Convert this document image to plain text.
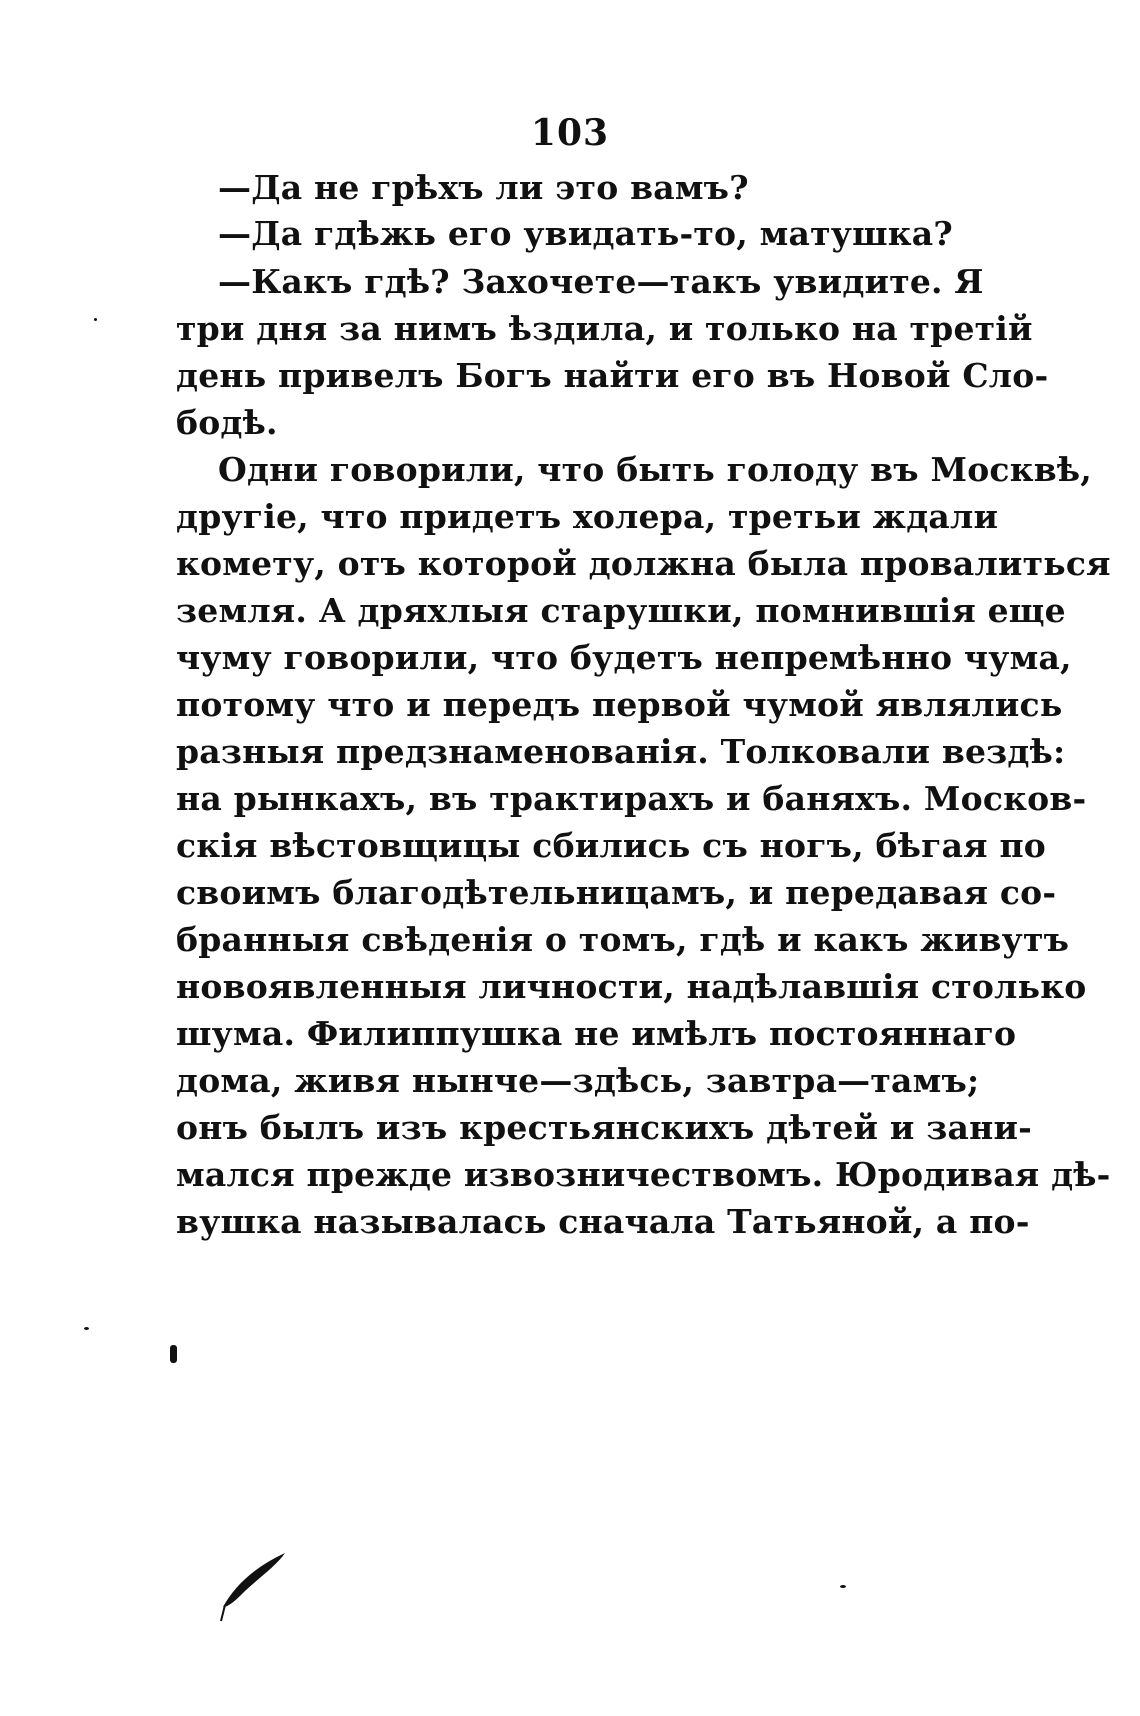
103
—Да не грѣхъ ли это вамъ?
—Да гдѣжь его увидать-то, матушка?
—Какъ гдѣ? Захочете—такъ увидите. Я
три дня за нимъ ѣздила, и только на третій
день привелъ Богъ найти его въ Новой Сло-
бодѣ.
Одни говорили, что быть голоду въ Москвѣ,
другіе, что придетъ холера, третьи ждали
комету, отъ которой должна была провалиться
земля. А дряхлыя старушки, помнившія еще
чуму говорили, что будетъ непремѣнно чума,
потому что и передъ первой чумой являлись
разныя предзнаменованія. Толковали вездѣ:
на рынкахъ, въ трактирахъ и баняхъ. Москов-
скія вѣстовщицы сбились съ ногъ, бѣгая по
своимъ благодѣтельницамъ, и передавая со-
бранныя свѣденія о томъ, гдѣ и какъ живутъ
новоявленныя личности, надѣлавшія столько
шума. Филиппушка не имѣлъ постояннаго
дома, живя нынче—здѣсь, завтра—тамъ;
онъ былъ изъ крестьянскихъ дѣтей и зани-
мался прежде извозничествомъ. Юродивая дѣ-
вушка называлась сначала Татьяной, а по-
